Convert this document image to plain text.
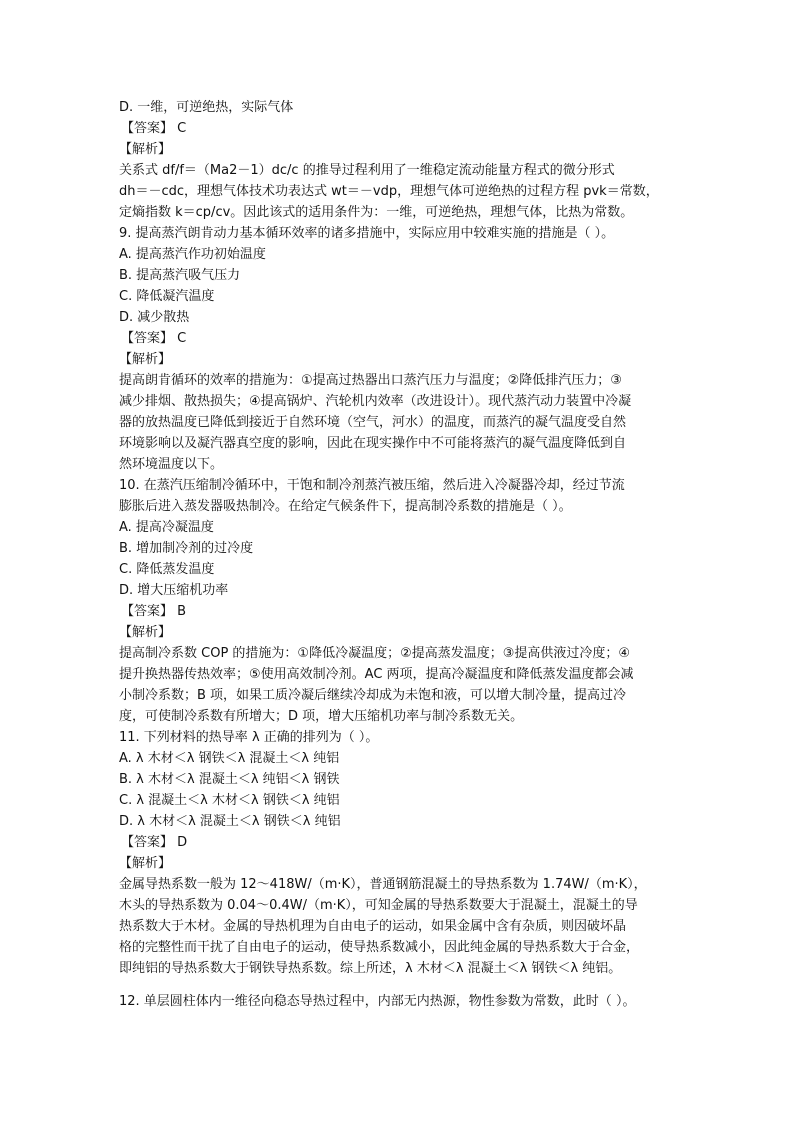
D. 一维，可逆绝热，实际气体
【答案】 C
【解析】
关系式 df/f＝（Ma2－1）dc/c 的推导过程利用了一维稳定流动能量方程式的微分形式
dh＝－cdc，理想气体技术功表达式 wt＝－vdp，理想气体可逆绝热的过程方程 pvk＝常数，
定熵指数 k＝cp/cv。因此该式的适用条件为：一维，可逆绝热，理想气体，比热为常数。
9. 提高蒸汽朗肯动力基本循环效率的诸多措施中，实际应用中较难实施的措施是（ ）。
A. 提高蒸汽作功初始温度
B. 提高蒸汽吸气压力
C. 降低凝汽温度
D. 减少散热
【答案】 C
【解析】
提高朗肯循环的效率的措施为：①提高过热器出口蒸汽压力与温度；②降低排汽压力；③
减少排烟、散热损失；④提高锅炉、汽轮机内效率（改进设计）。现代蒸汽动力装置中冷凝
器的放热温度已降低到接近于自然环境（空气，河水）的温度，而蒸汽的凝气温度受自然
环境影响以及凝汽器真空度的影响，因此在现实操作中不可能将蒸汽的凝气温度降低到自
然环境温度以下。
10. 在蒸汽压缩制冷循环中，干饱和制冷剂蒸汽被压缩，然后进入冷凝器冷却，经过节流
膨胀后进入蒸发器吸热制冷。在给定气候条件下，提高制冷系数的措施是（ ）。
A. 提高冷凝温度
B. 增加制冷剂的过冷度
C. 降低蒸发温度
D. 增大压缩机功率
【答案】 B
【解析】
提高制冷系数 COP 的措施为：①降低冷凝温度；②提高蒸发温度；③提高供液过冷度；④
提升换热器传热效率；⑤使用高效制冷剂。AC 两项，提高冷凝温度和降低蒸发温度都会减
小制冷系数；B 项，如果工质冷凝后继续冷却成为未饱和液，可以增大制冷量，提高过冷
度，可使制冷系数有所增大；D 项，增大压缩机功率与制冷系数无关。
11. 下列材料的热导率 λ 正确的排列为（ ）。
A. λ 木材＜λ 钢铁＜λ 混凝土＜λ 纯铝
B. λ 木材＜λ 混凝土＜λ 纯铝＜λ 钢铁
C. λ 混凝土＜λ 木材＜λ 钢铁＜λ 纯铝
D. λ 木材＜λ 混凝土＜λ 钢铁＜λ 纯铝
【答案】 D
【解析】
金属导热系数一般为 12～418W/（m·K），普通钢筋混凝土的导热系数为 1.74W/（m·K），
木头的导热系数为 0.04～0.4W/（m·K），可知金属的导热系数要大于混凝土，混凝土的导
热系数大于木材。金属的导热机理为自由电子的运动，如果金属中含有杂质，则因破坏晶
格的完整性而干扰了自由电子的运动，使导热系数减小，因此纯金属的导热系数大于合金，
即纯铝的导热系数大于钢铁导热系数。综上所述，λ 木材＜λ 混凝土＜λ 钢铁＜λ 纯铝。
12. 单层圆柱体内一维径向稳态导热过程中，内部无内热源，物性参数为常数，此时（ ）。
